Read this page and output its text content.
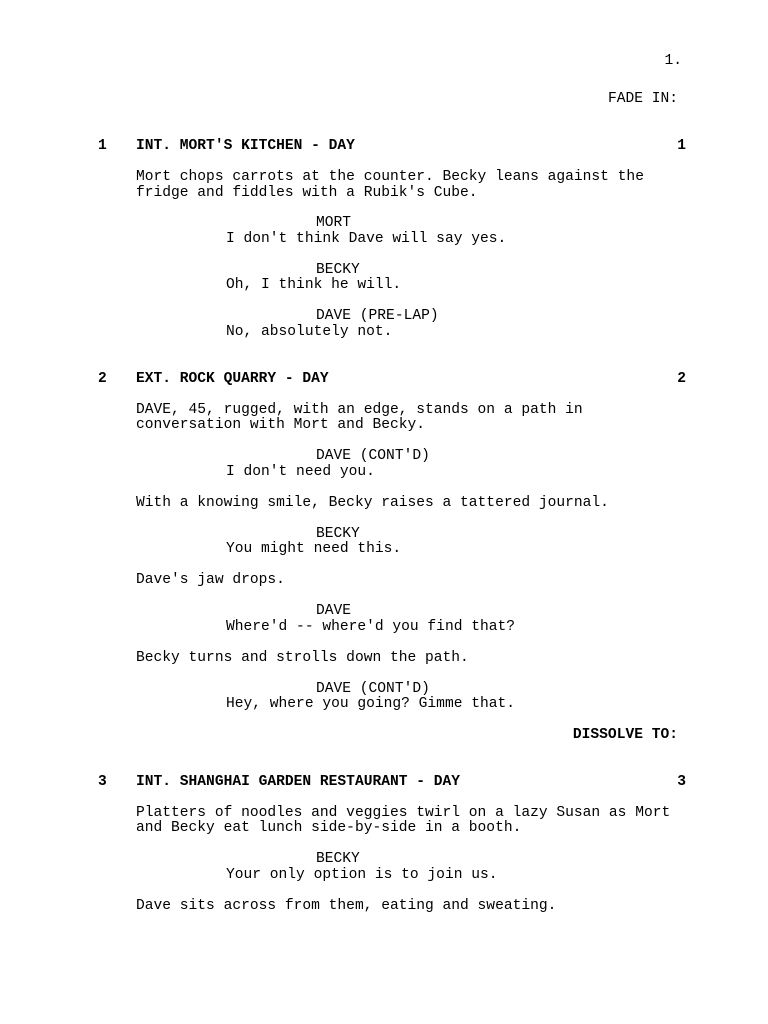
1.
FADE IN:
1 INT. MORT'S KITCHEN - DAY	1
Mort chops carrots at the counter. Becky leans against the
fridge and fiddles with a Rubik's Cube.
MORT
I don't think Dave will say yes.
BECKY
Oh, I think he will.
DAVE (PRE-LAP)
No, absolutely not.
2 EXT. ROCK QUARRY - DAY	2
DAVE, 45, rugged, with an edge, stands on a path in
conversation with Mort and Becky.
DAVE (CONT'D)
I don't need you.
With a knowing smile, Becky raises a tattered journal.
BECKY
You might need this.
Dave's jaw drops.
DAVE
Where'd -- where'd you find that?
Becky turns and strolls down the path.
DAVE (CONT'D)
Hey, where you going? Gimme that.
DISSOLVE TO:
3 INT. SHANGHAI GARDEN RESTAURANT - DAY	3
Platters of noodles and veggies twirl on a lazy Susan as Mort
and Becky eat lunch side-by-side in a booth.
BECKY
Your only option is to join us.
Dave sits across from them, eating and sweating.
